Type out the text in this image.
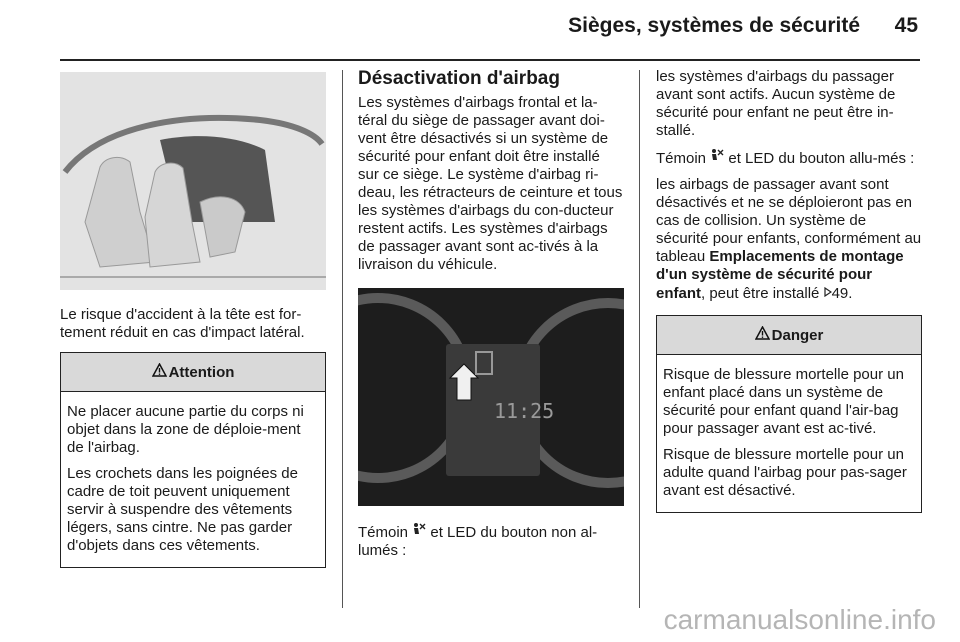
Sièges, systèmes de sécurité 45

Le risque d'accident à la tête est for-
tement réduit en cas d'impact latéral.

Attention

Ne placer aucune partie du corps ni objet dans la zone de déploie-ment de l'airbag.

Les crochets dans les poignées de cadre de toit peuvent uniquement servir à suspendre des vêtements légers, sans cintre. Ne pas garder d'objets dans ces vêtements.

Désactivation d'airbag

Les systèmes d'airbags frontal et la-téral du siège de passager avant doi-vent être désactivés si un système de sécurité pour enfant doit être installé sur ce siège. Le système d'airbag ri-deau, les rétracteurs de ceinture et tous les systèmes d'airbags du con-ducteur restent actifs. Les systèmes d'airbags de passager avant sont ac-tivés à la livraison du véhicule.

11:25

Témoin et LED du bouton non al-lumés :

les systèmes d'airbags du passager avant sont actifs. Aucun système de sécurité pour enfant ne peut être in-stallé.

Témoin et LED du bouton allu-més :

les airbags de passager avant sont désactivés et ne se déploieront pas en cas de collision. Un système de sécurité pour enfants, conformément au tableau Emplacements de montage d'un système de sécurité pour enfant, peut être installé 49.

Danger

Risque de blessure mortelle pour un enfant placé dans un système de sécurité pour enfant quand l'air-bag pour passager avant est ac-tivé.

Risque de blessure mortelle pour un adulte quand l'airbag pour pas-sager avant est désactivé.

carmanualsonline.info
